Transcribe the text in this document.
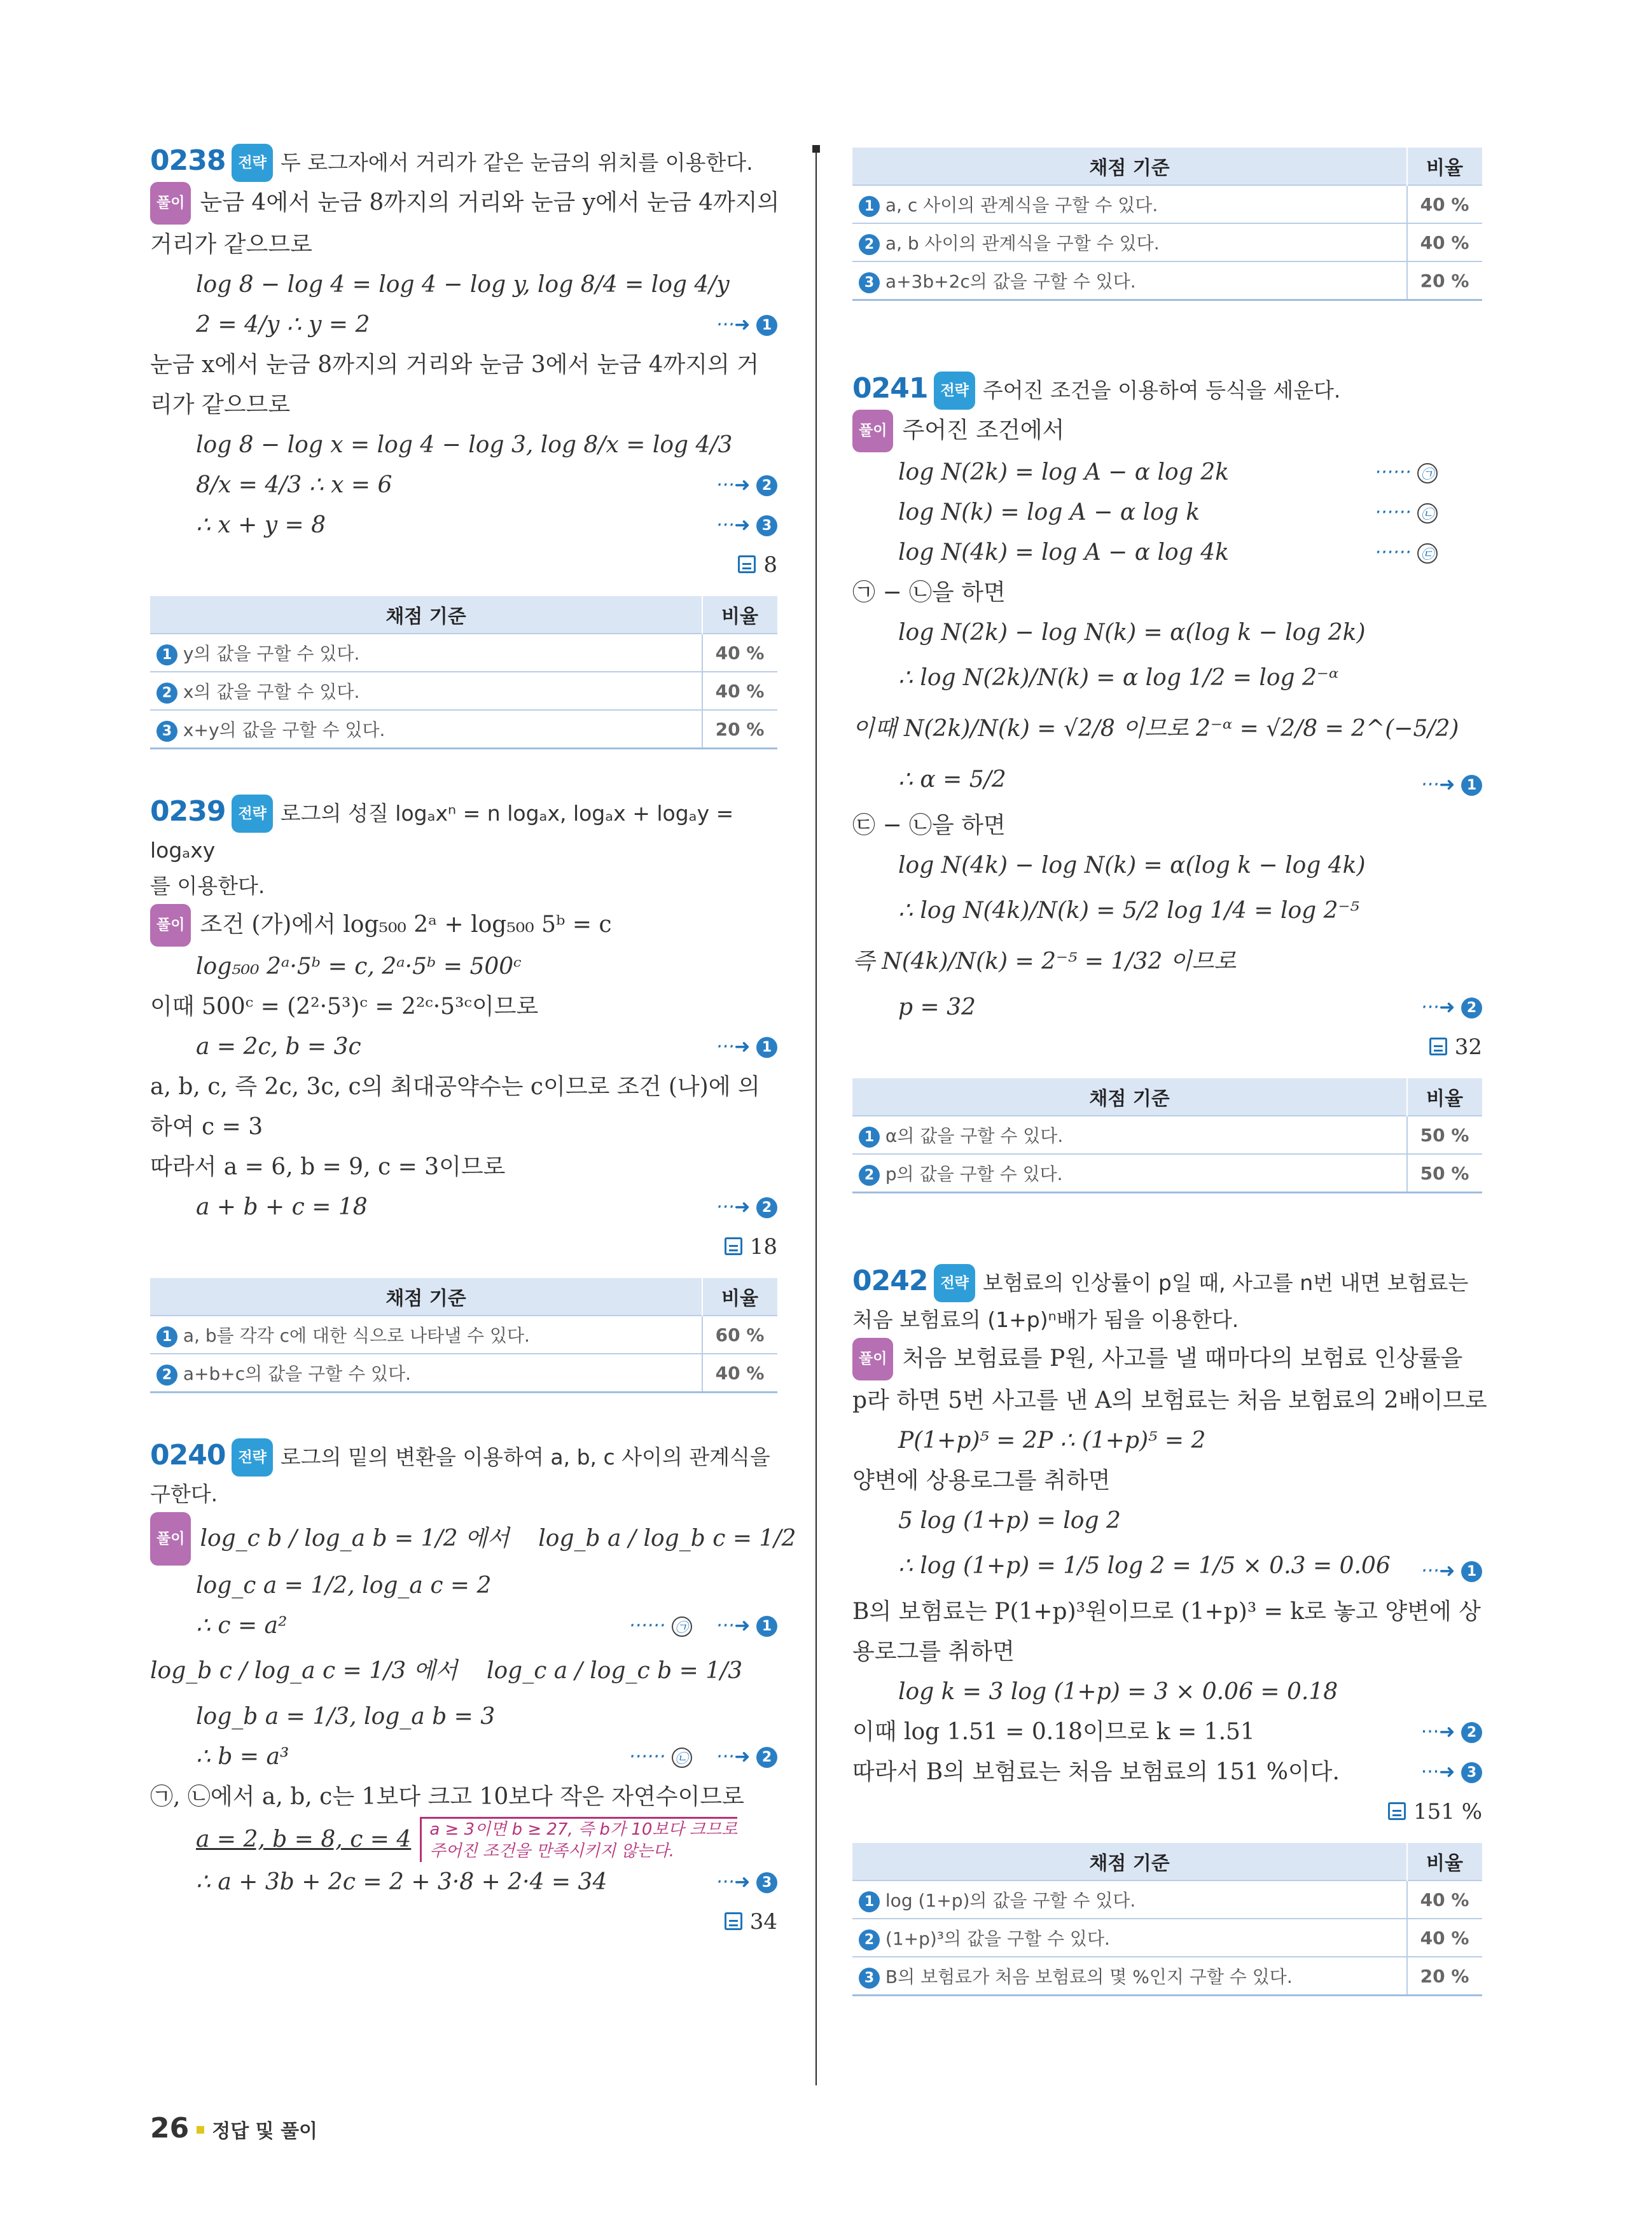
0238 전략 두 로그자에서 거리가 같은 눈금의 위치를 이용한다.

풀이 눈금 4에서 눈금 8까지의 거리와 눈금 y에서 눈금 4까지의

거리가 같으므로

log 8 − log 4 = log 4 − log y, log 8/4 = log 4/y

2 = 4/y ∴ y = 2	···➜ 1

눈금 x에서 눈금 8까지의 거리와 눈금 3에서 눈금 4까지의 거리가 같으므로

log 8 − log x = log 4 − log 3, log 8/x = log 4/3

8/x = 4/3 ∴ x = 6	···➜ 2

∴ x + y = 8	···➜ 3

8

채점 기준	비율
1 y의 값을 구할 수 있다.	40 %
2 x의 값을 구할 수 있다.	40 %
3 x+y의 값을 구할 수 있다.	20 %

0239 전략 로그의 성질 logₐxⁿ = n logₐx, logₐx + logₐy = logₐxy

를 이용한다.

풀이 조건 (가)에서 log₅₀₀ 2ᵃ + log₅₀₀ 5ᵇ = c

log₅₀₀ 2ᵃ·5ᵇ = c, 2ᵃ·5ᵇ = 500ᶜ

이때 500ᶜ = (2²·5³)ᶜ = 2²ᶜ·5³ᶜ이므로

a = 2c, b = 3c	···➜ 1

a, b, c, 즉 2c, 3c, c의 최대공약수는 c이므로 조건 (나)에 의하여 c = 3

따라서 a = 6, b = 9, c = 3이므로

a + b + c = 18	···➜ 2

18

채점 기준	비율
1 a, b를 각각 c에 대한 식으로 나타낼 수 있다.	60 %
2 a+b+c의 값을 구할 수 있다.	40 %

0240 전략 로그의 밑의 변환을 이용하여 a, b, c 사이의 관계식을 구한다.

풀이 log_c b / log_a b = 1/2 에서 log_b a / log_b c = 1/2

log_c a = 1/2, log_a c = 2

∴ c = a²	······ ㉠ ···➜ 1

log_b c / log_a c = 1/3 에서 log_c a / log_c b = 1/3

log_b a = 1/3, log_a b = 3

∴ b = a³	······ ㉡ ···➜ 2

㉠, ㉡에서 a, b, c는 1보다 크고 10보다 작은 자연수이므로

a = 2, b = 8, c = 4 a ≥ 3이면 b ≥ 27, 즉 b가 10보다 크므로
주어진 조건을 만족시키지 않는다.

∴ a + 3b + 2c = 2 + 3·8 + 2·4 = 34	···➜ 3

34

채점 기준	비율
1 a, c 사이의 관계식을 구할 수 있다.	40 %
2 a, b 사이의 관계식을 구할 수 있다.	40 %
3 a+3b+2c의 값을 구할 수 있다.	20 %

0241 전략 주어진 조건을 이용하여 등식을 세운다.

풀이 주어진 조건에서

log N(2k) = log A − α log 2k	······ ㉠

log N(k) = log A − α log k	······ ㉡

log N(4k) = log A − α log 4k	······ ㉢

㉠ − ㉡을 하면

log N(2k) − log N(k) = α(log k − log 2k)

∴ log N(2k)/N(k) = α log 1/2 = log 2⁻ᵅ

이때 N(2k)/N(k) = √2/8 이므로 2⁻ᵅ = √2/8 = 2^(−5/2)

∴ α = 5/2	···➜ 1

㉢ − ㉡을 하면

log N(4k) − log N(k) = α(log k − log 4k)

∴ log N(4k)/N(k) = 5/2 log 1/4 = log 2⁻⁵

즉 N(4k)/N(k) = 2⁻⁵ = 1/32 이므로

p = 32	···➜ 2

32

채점 기준	비율
1 α의 값을 구할 수 있다.	50 %
2 p의 값을 구할 수 있다.	50 %

0242 전략 보험료의 인상률이 p일 때, 사고를 n번 내면 보험료는

처음 보험료의 (1+p)ⁿ배가 됨을 이용한다.

풀이 처음 보험료를 P원, 사고를 낼 때마다의 보험료 인상률을

p라 하면 5번 사고를 낸 A의 보험료는 처음 보험료의 2배이므로

P(1+p)⁵ = 2P ∴ (1+p)⁵ = 2

양변에 상용로그를 취하면

5 log (1+p) = log 2

∴ log (1+p) = 1/5 log 2 = 1/5 × 0.3 = 0.06 ···➜ 1

B의 보험료는 P(1+p)³원이므로 (1+p)³ = k로 놓고 양변에 상용로그를 취하면

log k = 3 log (1+p) = 3 × 0.06 = 0.18

이때 log 1.51 = 0.18이므로 k = 1.51	···➜ 2

따라서 B의 보험료는 처음 보험료의 151 %이다.	···➜ 3

151 %

채점 기준	비율
1 log (1+p)의 값을 구할 수 있다.	40 %
2 (1+p)³의 값을 구할 수 있다.	40 %
3 B의 보험료가 처음 보험료의 몇 %인지 구할 수 있다.	20 %
26 정답 및 풀이
